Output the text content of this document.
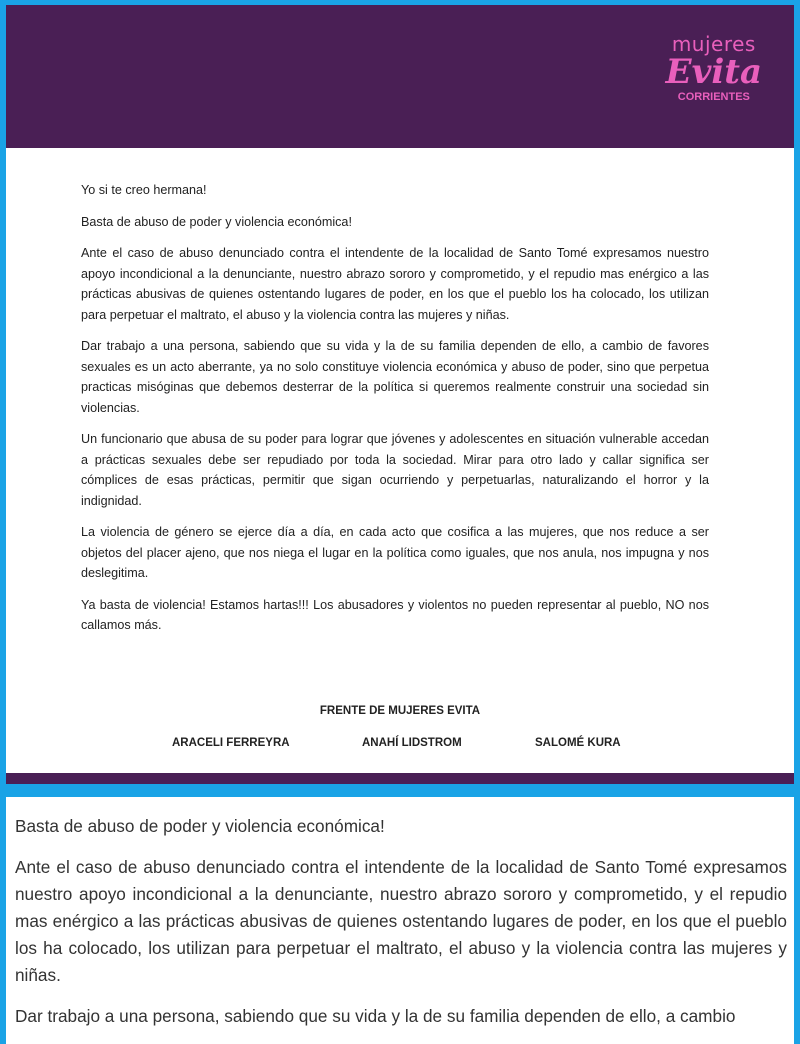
mujeres
Evita
CORRIENTES

Yo si te creo hermana!

Basta de abuso de poder y violencia económica!

Ante el caso de abuso denunciado contra el intendente de la localidad de Santo Tomé expresamos nuestro apoyo incondicional a la denunciante, nuestro abrazo sororo y comprometido, y el repudio mas enérgico a las prácticas abusivas de quienes ostentando lugares de poder, en los que el pueblo los ha colocado, los utilizan para perpetuar el maltrato, el abuso y la violencia contra las mujeres y niñas.

Dar trabajo a una persona, sabiendo que su vida y la de su familia dependen de ello, a cambio de favores sexuales es un acto aberrante, ya no solo constituye violencia económica y abuso de poder, sino que perpetua practicas misóginas que debemos desterrar de la política si queremos realmente construir una sociedad sin violencias.

Un funcionario que abusa de su poder para lograr que jóvenes y adolescentes en situación vulnerable accedan a prácticas sexuales debe ser repudiado por toda la sociedad. Mirar para otro lado y callar significa ser cómplices de esas prácticas, permitir que sigan ocurriendo y perpetuarlas, naturalizando el horror y la indignidad.

La violencia de género se ejerce día a día, en cada acto que cosifica a las mujeres, que nos reduce a ser objetos del placer ajeno, que nos niega el lugar en la política como iguales, que nos anula, nos impugna y nos deslegitima.

Ya basta de violencia! Estamos hartas!!! Los abusadores y violentos no pueden representar al pueblo, NO nos callamos más.

FRENTE DE MUJERES EVITA
ARACELI FERREYRA	ANAHÍ LIDSTROM	SALOMÉ KURA

Basta de abuso de poder y violencia económica!

Ante el caso de abuso denunciado contra el intendente de la localidad de Santo Tomé expresamos nuestro apoyo incondicional a la denunciante, nuestro abrazo sororo y comprometido, y el repudio mas enérgico a las prácticas abusivas de quienes ostentando lugares de poder, en los que el pueblo los ha colocado, los utilizan para perpetuar el maltrato, el abuso y la violencia contra las mujeres y niñas.

Dar trabajo a una persona, sabiendo que su vida y la de su familia dependen de ello, a cambio
